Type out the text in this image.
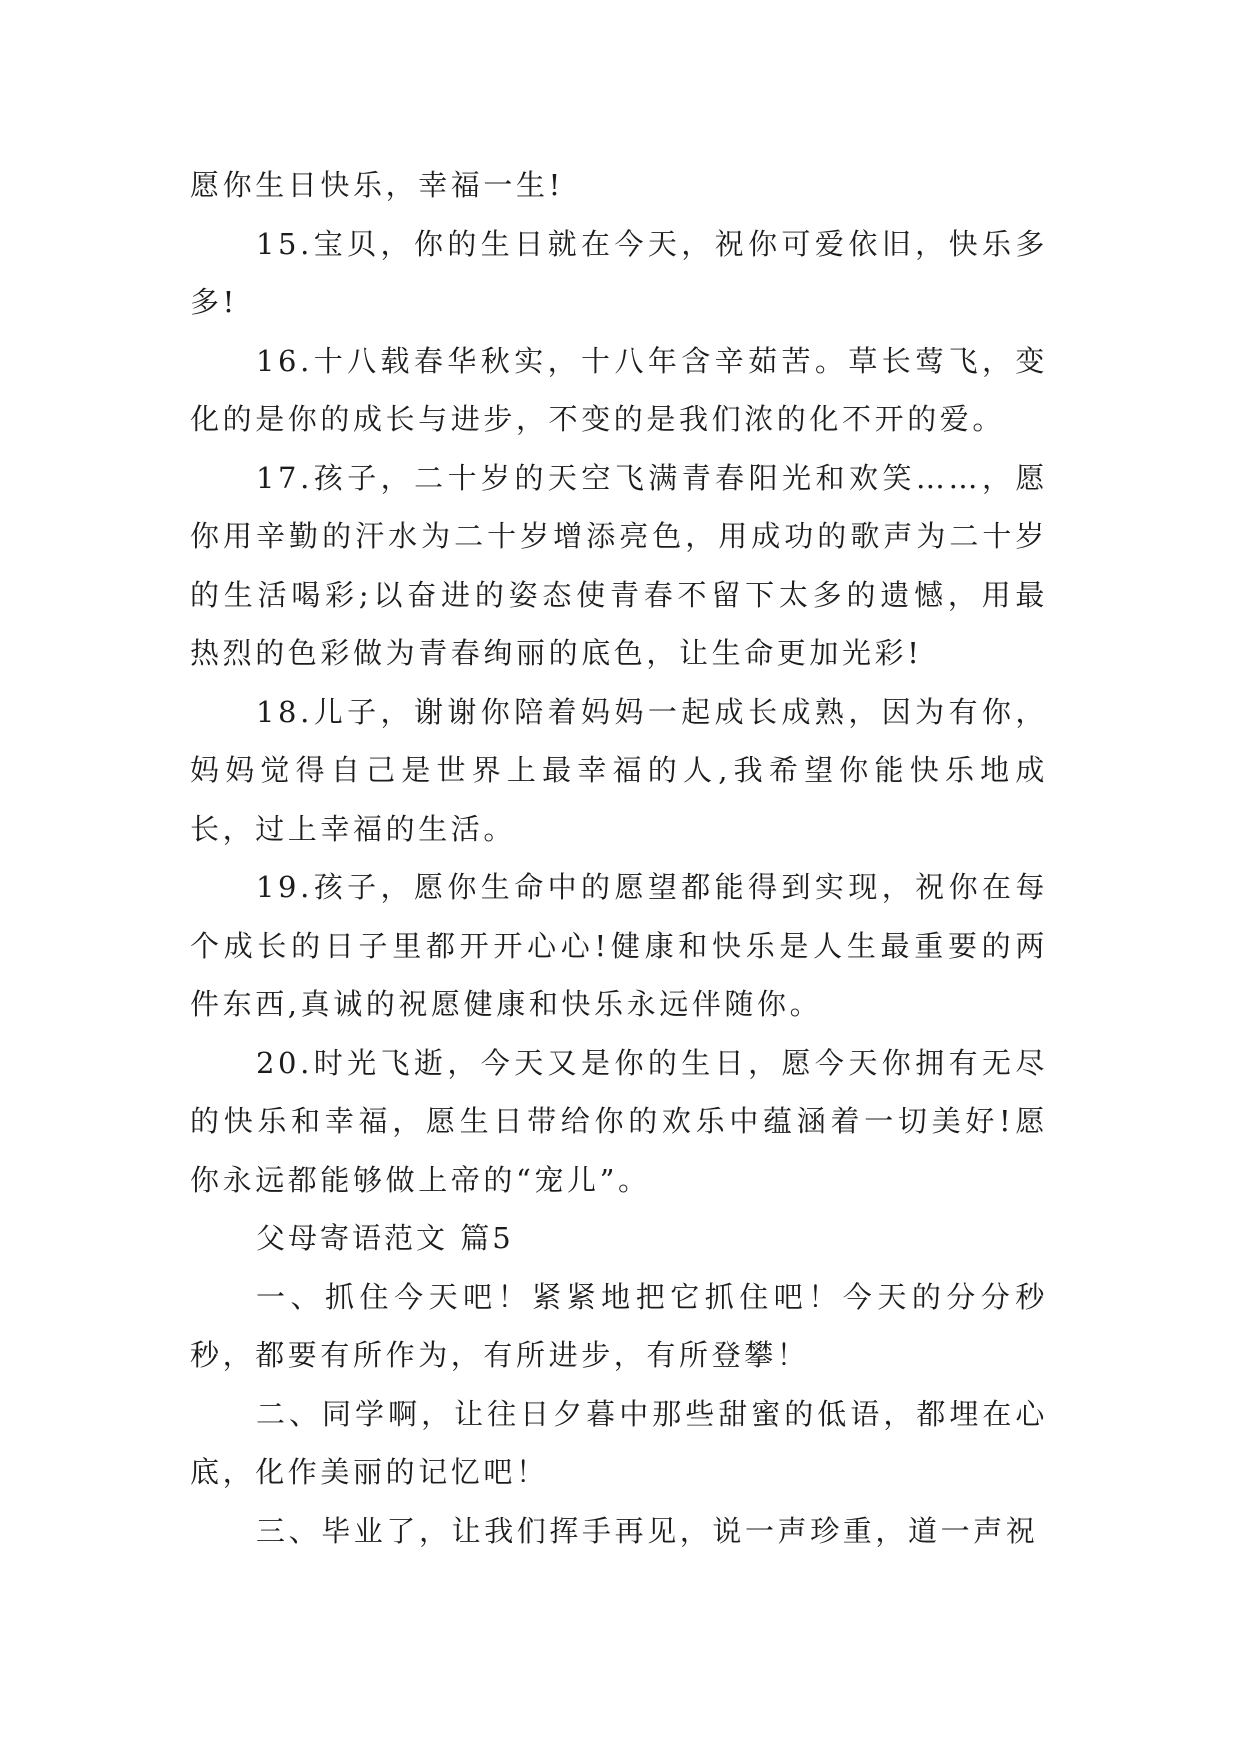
愿你生日快乐，幸福一生!

15.宝贝，你的生日就在今天，祝你可爱依旧，快乐多多!

16.十八载春华秋实，十八年含辛茹苦。草长莺飞，变化的是你的成长与进步，不变的是我们浓的化不开的爱。

17.孩子，二十岁的天空飞满青春阳光和欢笑……，愿你用辛勤的汗水为二十岁增添亮色，用成功的歌声为二十岁的生活喝彩;以奋进的姿态使青春不留下太多的遗憾，用最热烈的色彩做为青春绚丽的底色，让生命更加光彩!

18.儿子，谢谢你陪着妈妈一起成长成熟，因为有你，妈妈觉得自己是世界上最幸福的人,我希望你能快乐地成长，过上幸福的生活。

19.孩子，愿你生命中的愿望都能得到实现，祝你在每个成长的日子里都开开心心!健康和快乐是人生最重要的两件东西,真诚的祝愿健康和快乐永远伴随你。

20.时光飞逝，今天又是你的生日，愿今天你拥有无尽的快乐和幸福，愿生日带给你的欢乐中蕴涵着一切美好!愿你永远都能够做上帝的“宠儿”。

父母寄语范文 篇5

一、抓住今天吧！紧紧地把它抓住吧！今天的分分秒秒，都要有所作为，有所进步，有所登攀！

二、同学啊，让往日夕暮中那些甜蜜的低语，都埋在心底，化作美丽的记忆吧！

三、毕业了，让我们挥手再见，说一声珍重，道一声祝
